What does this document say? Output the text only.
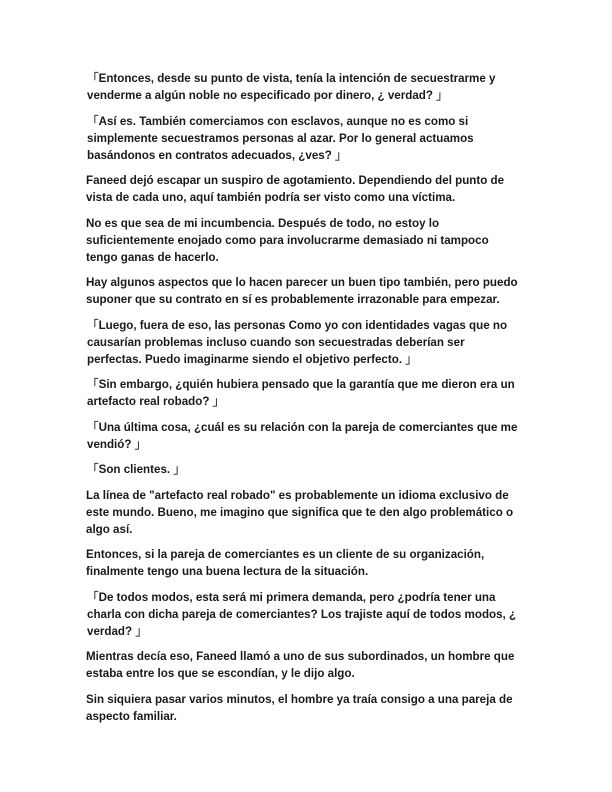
「Entonces, desde su punto de vista, tenía la intención de secuestrarme y venderme a algún noble no especificado por dinero, ¿ verdad? 」

「Así es. También comerciamos con esclavos, aunque no es como si simplemente secuestramos personas al azar. Por lo general actuamos basándonos en contratos adecuados, ¿ves? 」

Faneed dejó escapar un suspiro de agotamiento. Dependiendo del punto de vista de cada uno, aquí también podría ser visto como una víctima.

No es que sea de mi incumbencia. Después de todo, no estoy lo suficientemente enojado como para involucrarme demasiado ni tampoco tengo ganas de hacerlo.

Hay algunos aspectos que lo hacen parecer un buen tipo también, pero puedo suponer que su contrato en sí es probablemente irrazonable para empezar.

「Luego, fuera de eso, las personas Como yo con identidades vagas que no causarían problemas incluso cuando son secuestradas deberían ser perfectas. Puedo imaginarme siendo el objetivo perfecto. 」

「Sin embargo, ¿quién hubiera pensado que la garantía que me dieron era un artefacto real robado? 」

「Una última cosa, ¿cuál es su relación con la pareja de comerciantes que me vendió? 」

「Son clientes. 」

La línea de "artefacto real robado" es probablemente un idioma exclusivo de este mundo. Bueno, me imagino que significa que te den algo problemático o algo así.

Entonces, si la pareja de comerciantes es un cliente de su organización, finalmente tengo una buena lectura de la situación.

「De todos modos, esta será mi primera demanda, pero ¿podría tener una charla con dicha pareja de comerciantes? Los trajiste aquí de todos modos, ¿ verdad? 」

Mientras decía eso, Faneed llamó a uno de sus subordinados, un hombre que estaba entre los que se escondían, y le dijo algo.

Sin siquiera pasar varios minutos, el hombre ya traía consigo a una pareja de aspecto familiar.
